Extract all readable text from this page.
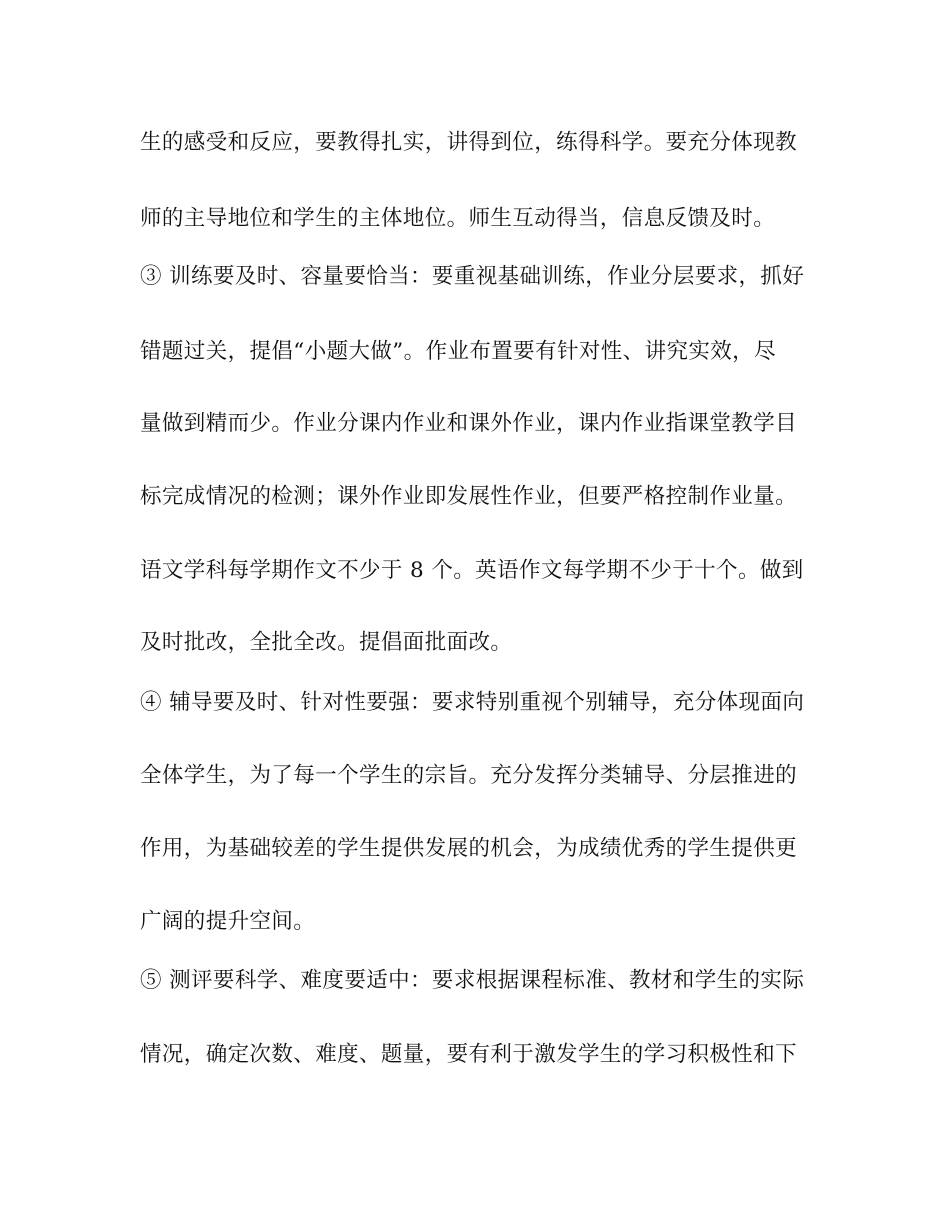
生的感受和反应，要教得扎实，讲得到位，练得科学。要充分体现教
师的主导地位和学生的主体地位。师生互动得当，信息反馈及时。
③ 训练要及时、容量要恰当：要重视基础训练，作业分层要求，抓好
错题过关，提倡“小题大做”。作业布置要有针对性、讲究实效，尽
量做到精而少。作业分课内作业和课外作业，课内作业指课堂教学目
标完成情况的检测；课外作业即发展性作业，但要严格控制作业量。
语文学科每学期作文不少于 8 个。英语作文每学期不少于十个。做到
及时批改，全批全改。提倡面批面改。
④ 辅导要及时、针对性要强：要求特别重视个别辅导，充分体现面向
全体学生，为了每一个学生的宗旨。充分发挥分类辅导、分层推进的
作用，为基础较差的学生提供发展的机会，为成绩优秀的学生提供更
广阔的提升空间。
⑤ 测评要科学、难度要适中：要求根据课程标准、教材和学生的实际
情况，确定次数、难度、题量，要有利于激发学生的学习积极性和下
